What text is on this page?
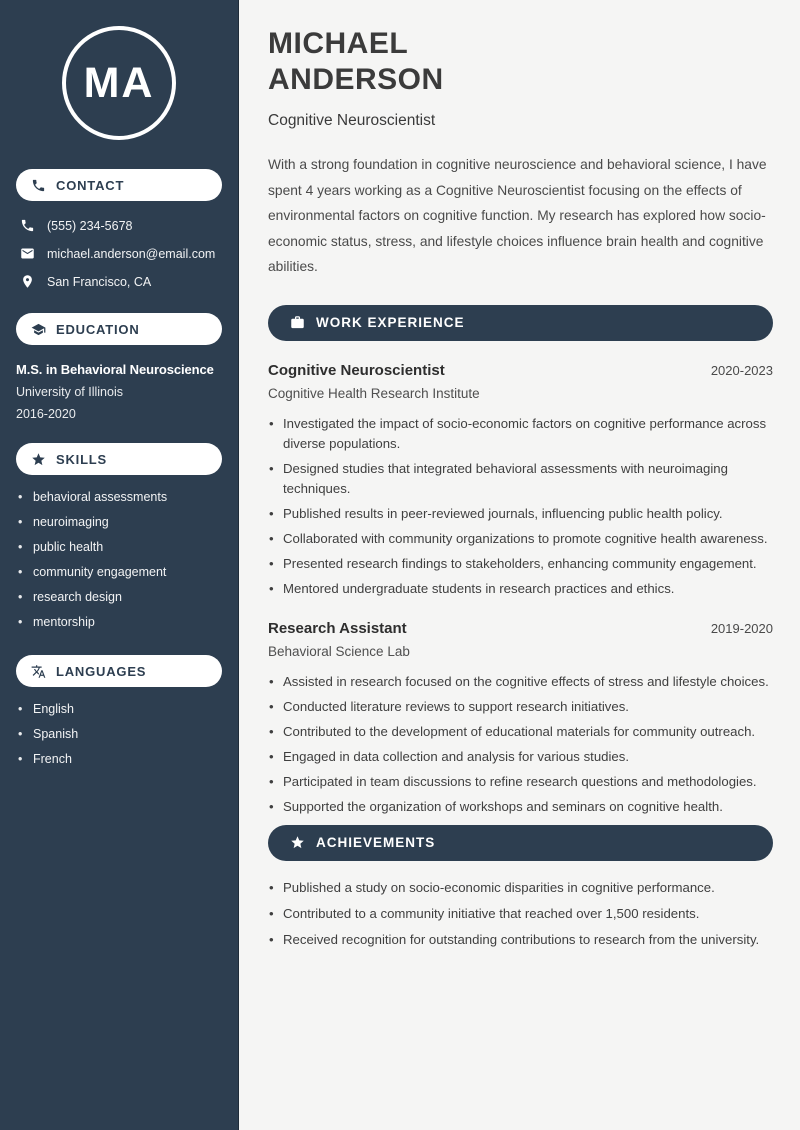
MA
CONTACT
(555) 234-5678
michael.anderson@email.com
San Francisco, CA
EDUCATION
M.S. in Behavioral Neuroscience
University of Illinois
2016-2020
SKILLS
• behavioral assessments
• neuroimaging
• public health
• community engagement
• research design
• mentorship
LANGUAGES
• English
• Spanish
• French
MICHAEL
ANDERSON
Cognitive Neuroscientist

With a strong foundation in cognitive neuroscience and behavioral science, I have spent 4 years working as a Cognitive Neuroscientist focusing on the effects of environmental factors on cognitive function. My research has explored how socio-economic status, stress, and lifestyle choices influence brain health and cognitive abilities.

WORK EXPERIENCE
Cognitive Neuroscientist	2020-2023
Cognitive Health Research Institute
• Investigated the impact of socio-economic factors on cognitive performance across diverse populations.
• Designed studies that integrated behavioral assessments with neuroimaging techniques.
• Published results in peer-reviewed journals, influencing public health policy.
• Collaborated with community organizations to promote cognitive health awareness.
• Presented research findings to stakeholders, enhancing community engagement.
• Mentored undergraduate students in research practices and ethics.
Research Assistant	2019-2020
Behavioral Science Lab
• Assisted in research focused on the cognitive effects of stress and lifestyle choices.
• Conducted literature reviews to support research initiatives.
• Contributed to the development of educational materials for community outreach.
• Engaged in data collection and analysis for various studies.
• Participated in team discussions to refine research questions and methodologies.
• Supported the organization of workshops and seminars on cognitive health.
ACHIEVEMENTS
• Published a study on socio-economic disparities in cognitive performance.
• Contributed to a community initiative that reached over 1,500 residents.
• Received recognition for outstanding contributions to research from the university.
